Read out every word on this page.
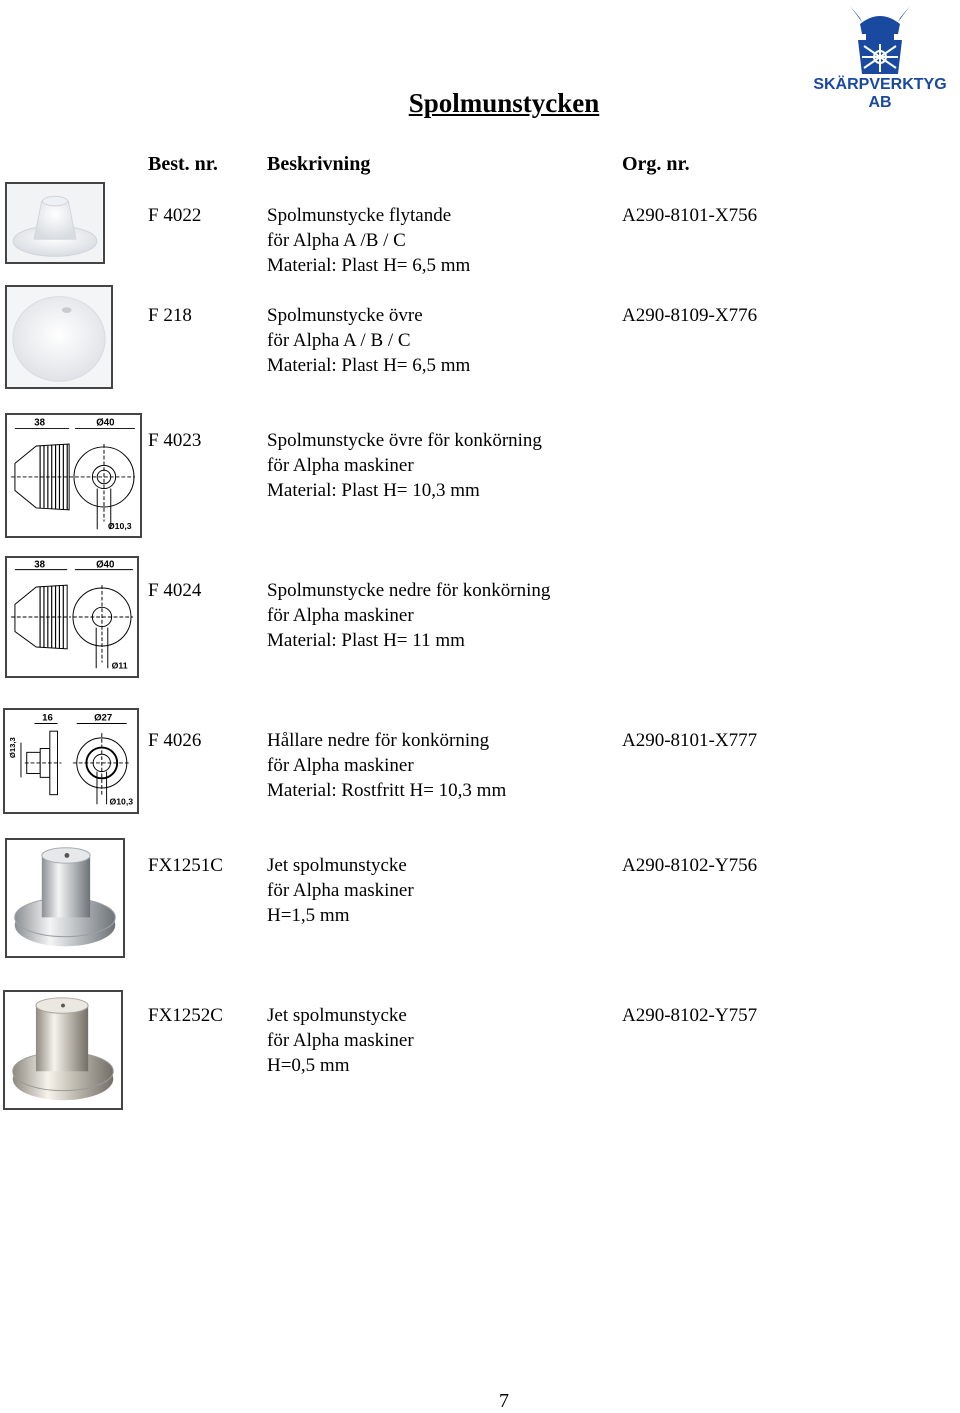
SKÄRPVERKTYG AB
Spolmunstycken
Best. nr. Beskrivning	Org. nr.
F 4022	Spolmunstycke flytande
för Alpha A /B / C
Material: Plast H= 6,5 mm
A290-8101-X756
F 218	Spolmunstycke övre
för Alpha A / B / C
Material: Plast H= 6,5 mm
A290-8109-X776
38	Ø40
Ø10,3
F 4023	Spolmunstycke övre för konkörning
för Alpha maskiner
Material: Plast H= 10,3 mm
38	Ø40
Ø11
F 4024	Spolmunstycke nedre för konkörning
för Alpha maskiner
Material: Plast H= 11 mm
16	Ø27
Ø13,3
Ø10,3
F 4026	Hållare nedre för konkörning
för Alpha maskiner
Material: Rostfritt H= 10,3 mm
A290-8101-X777
FX1251C Jet spolmunstycke
för Alpha maskiner
H=1,5 mm
A290-8102-Y756
FX1252C Jet spolmunstycke
för Alpha maskiner
H=0,5 mm
A290-8102-Y757
7
